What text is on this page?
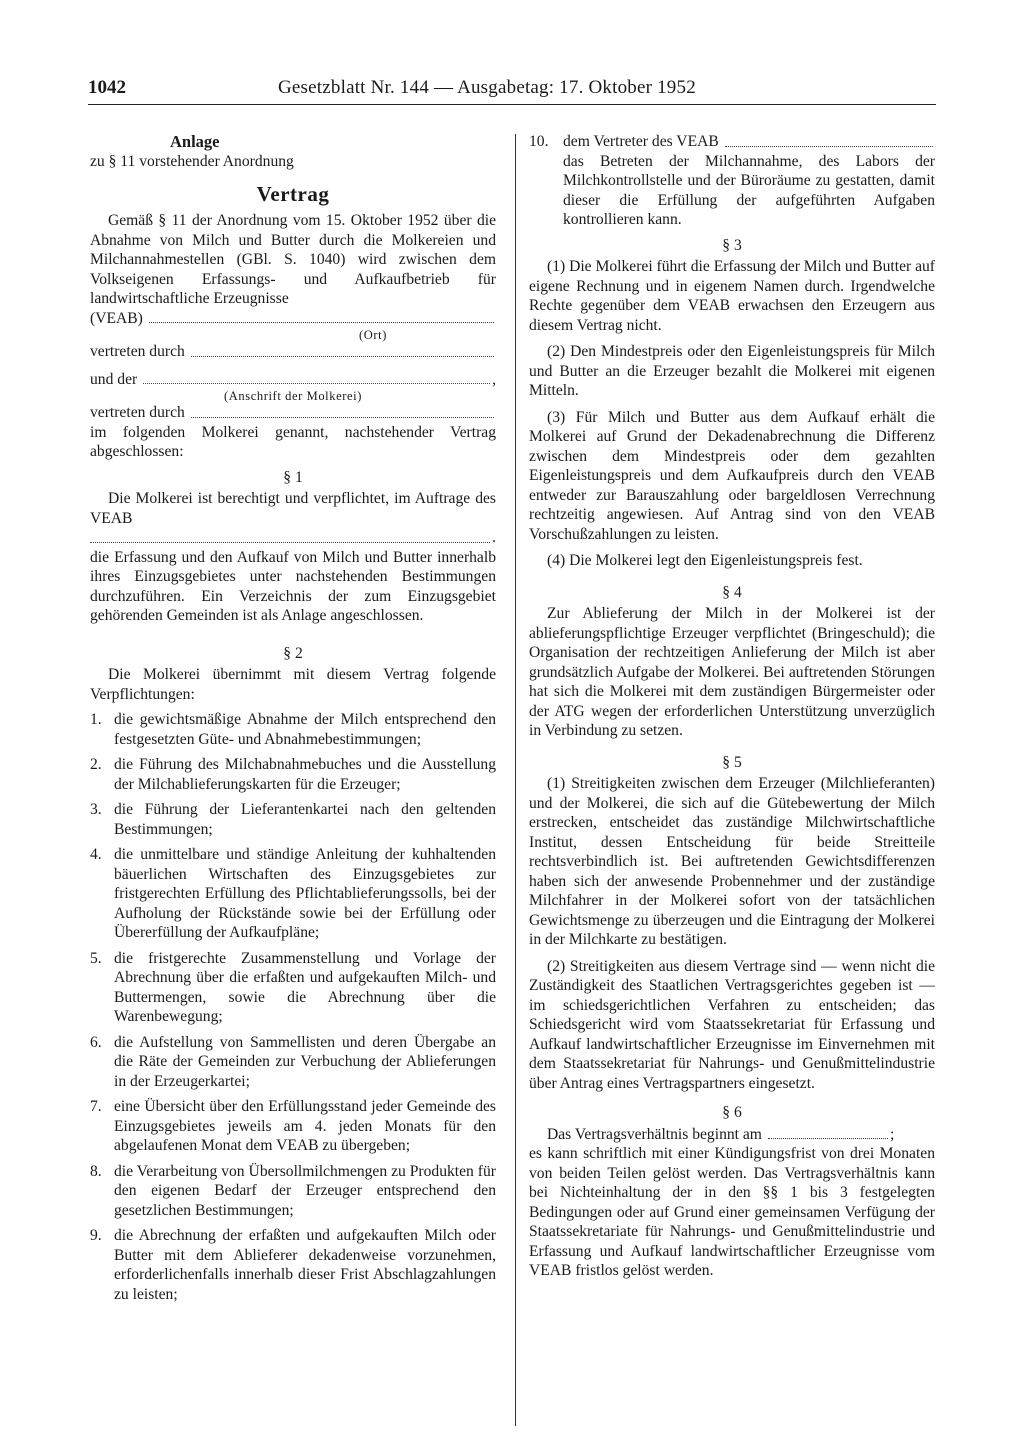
1042	Gesetzblatt Nr. 144 — Ausgabetag: 17. Oktober 1952

Anlage

zu § 11 vorstehender Anordnung

Vertrag

Gemäß § 11 der Anordnung vom 15. Oktober 1952 über die Abnahme von Milch und Butter durch die Molkereien und Milchannahmestellen (GBl. S. 1040) wird zwischen dem Volkseigenen Erfassungs- und Aufkaufbetrieb für landwirtschaftliche Erzeugnisse

(VEAB)

(Ort)

vertreten durch
und der	,

(Anschrift der Molkerei)

vertreten durch

im folgenden Molkerei genannt, nachstehender Vertrag abgeschlossen:

§ 1

Die Molkerei ist berechtigt und verpflichtet, im Auftrage des VEAB

.

die Erfassung und den Aufkauf von Milch und Butter innerhalb ihres Einzugsgebietes unter nachstehenden Bestimmungen durchzuführen. Ein Verzeichnis der zum Einzugsgebiet gehörenden Gemeinden ist als Anlage angeschlossen.

§ 2

Die Molkerei übernimmt mit diesem Vertrag folgende Verpflichtungen:

1. die gewichtsmäßige Abnahme der Milch entsprechend den festgesetzten Güte- und Abnahmebestimmungen;
2. die Führung des Milchabnahmebuches und die Ausstellung der Milchablieferungskarten für die Erzeuger;
3. die Führung der Lieferantenkartei nach den geltenden Bestimmungen;
4. die unmittelbare und ständige Anleitung der kuhhaltenden bäuerlichen Wirtschaften des Einzugsgebietes zur fristgerechten Erfüllung des Pflichtablieferungssolls, bei der Aufholung der Rückstände sowie bei der Erfüllung oder Übererfüllung der Aufkaufpläne;
5. die fristgerechte Zusammenstellung und Vorlage der Abrechnung über die erfaßten und aufgekauften Milch- und Buttermengen, sowie die Abrechnung über die Warenbewegung;
6. die Aufstellung von Sammellisten und deren Übergabe an die Räte der Gemeinden zur Verbuchung der Ablieferungen in der Erzeugerkartei;
7. eine Übersicht über den Erfüllungsstand jeder Gemeinde des Einzugsgebietes jeweils am 4. jeden Monats für den abgelaufenen Monat dem VEAB zu übergeben;
8. die Verarbeitung von Übersollmilchmengen zu Produkten für den eigenen Bedarf der Erzeuger entsprechend den gesetzlichen Bestimmungen;
9. die Abrechnung der erfaßten und aufgekauften Milch oder Butter mit dem Ablieferer dekadenweise vorzunehmen, erforderlichenfalls innerhalb dieser Frist Abschlagzahlungen zu leisten;
10. dem Vertreter des VEAB
das Betreten der Milchannahme, des Labors der Milchkontrollstelle und der Büroräume zu gestatten, damit dieser die Erfüllung der aufgeführten Aufgaben kontrollieren kann.

§ 3

(1) Die Molkerei führt die Erfassung der Milch und Butter auf eigene Rechnung und in eigenem Namen durch. Irgendwelche Rechte gegenüber dem VEAB erwachsen den Erzeugern aus diesem Vertrag nicht.

(2) Den Mindestpreis oder den Eigenleistungspreis für Milch und Butter an die Erzeuger bezahlt die Molkerei mit eigenen Mitteln.

(3) Für Milch und Butter aus dem Aufkauf erhält die Molkerei auf Grund der Dekadenabrechnung die Differenz zwischen dem Mindestpreis oder dem gezahlten Eigenleistungspreis und dem Aufkaufpreis durch den VEAB entweder zur Barauszahlung oder bargeldlosen Verrechnung rechtzeitig angewiesen. Auf Antrag sind von den VEAB Vorschußzahlungen zu leisten.

(4) Die Molkerei legt den Eigenleistungspreis fest.

§ 4

Zur Ablieferung der Milch in der Molkerei ist der ablieferungspflichtige Erzeuger verpflichtet (Bringeschuld); die Organisation der rechtzeitigen Anlieferung der Milch ist aber grundsätzlich Aufgabe der Molkerei. Bei auftretenden Störungen hat sich die Molkerei mit dem zuständigen Bürgermeister oder der ATG wegen der erforderlichen Unterstützung unverzüglich in Verbindung zu setzen.

§ 5

(1) Streitigkeiten zwischen dem Erzeuger (Milchlieferanten) und der Molkerei, die sich auf die Gütebewertung der Milch erstrecken, entscheidet das zuständige Milchwirtschaftliche Institut, dessen Entscheidung für beide Streitteile rechtsverbindlich ist. Bei auftretenden Gewichtsdifferenzen haben sich der anwesende Probennehmer und der zuständige Milchfahrer in der Molkerei sofort von der tatsächlichen Gewichtsmenge zu überzeugen und die Eintragung der Molkerei in der Milchkarte zu bestätigen.

(2) Streitigkeiten aus diesem Vertrage sind — wenn nicht die Zuständigkeit des Staatlichen Vertragsgerichtes gegeben ist — im schiedsgerichtlichen Verfahren zu entscheiden; das Schiedsgericht wird vom Staatssekretariat für Erfassung und Aufkauf landwirtschaftlicher Erzeugnisse im Einvernehmen mit dem Staatssekretariat für Nahrungs- und Genußmittelindustrie über Antrag eines Vertragspartners eingesetzt.

§ 6

Das Vertragsverhältnis beginnt am	;

es kann schriftlich mit einer Kündigungsfrist von drei Monaten von beiden Teilen gelöst werden. Das Vertragsverhältnis kann bei Nichteinhaltung der in den §§ 1 bis 3 festgelegten Bedingungen oder auf Grund einer gemeinsamen Verfügung der Staatssekretariate für Nahrungs- und Genußmittelindustrie und Erfassung und Aufkauf landwirtschaftlicher Erzeugnisse vom VEAB fristlos gelöst werden.
